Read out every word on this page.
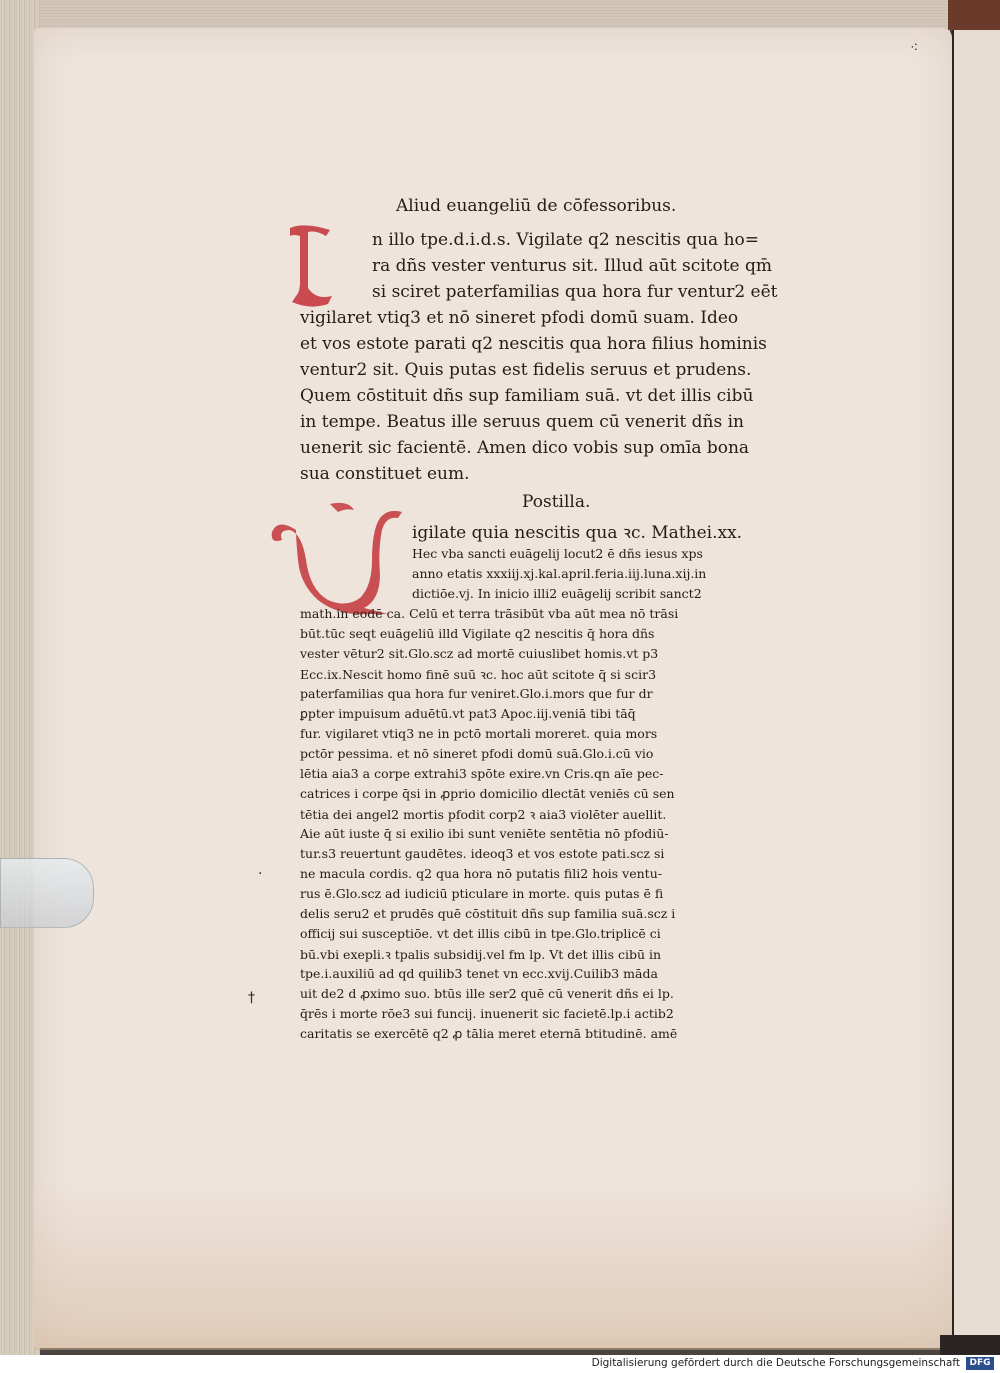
·
†
⁖
Aliud euangeliū de cōfessoribus.
n illo tpe.d.i.d.s. Vigilate q2 nescitis qua ho=
ra dñs vester venturus sit. Illud aūt scitote qm̄
si sciret paterfamilias qua hora fur ventur2 eēt
vigilaret vtiq3 et nō sineret pfodi domū suam. Ideo
et vos estote parati q2 nescitis qua hora filius hominis
ventur2 sit. Quis putas est fidelis seruus et prudens.
Quem cōstituit dñs sup familiam suā. vt det illis cibū
in tempe. Beatus ille seruus quem cū venerit dñs in
uenerit sic facientē. Amen dico vobis sup omīa bona
sua constituet eum.
Postilla.
igilate quia nescitis qua ꝛc. Mathei.xx.
Hec vba sancti euāgelij locut2 ē dñs iesus xps
anno etatis xxxiij.xj.kal.april.feria.iij.luna.xij.in
dictiōe.vj. In inicio illi2 euāgelij scribit sanct2
math.in eodē ca. Celū et terra trāsibūt vba aūt mea nō trāsi
būt.tūc seqt euāgeliū illd Vigilate q2 nescitis q̄ hora dñs
vester vētur2 sit.Glo.scz ad mortē cuiuslibet homis.vt p3
Ecc.ix.Nescit homo finē suū ꝛc. hoc aūt scitote q̄ si scir3
paterfamilias qua hora fur veniret.Glo.i.mors que fur dr
ꝑpter impuisum aduētū.vt pat3 Apoc.iij.veniā tibi tāq̄
fur. vigilaret vtiq3 ne in pctō mortali moreret. quia mors
pctōr pessima. et nō sineret pfodi domū suā.Glo.i.cū vio
lētia aia3 a corpe extrahi3 spōte exire.vn Cris.qn aīe pec-
catrices i corpe q̄si in ꝓprio domicilio dlectāt veniēs cū sen
tētia dei angel2 mortis pfodit corp2 ꝛ aia3 violēter auellit.
Aie aūt iuste q̄ si exilio ibi sunt veniēte sentētia nō pfodiū-
tur.s3 reuertunt gaudētes. ideoq3 et vos estote pati.scz si
ne macula cordis. q2 qua hora nō putatis fili2 hois ventu-
rus ē.Glo.scz ad iudiciū pticulare in morte. quis putas ē fi
delis seru2 et prudēs quē cōstituit dñs sup familia suā.scz i
officij sui susceptiōe. vt det illis cibū in tpe.Glo.triplicē ci
bū.vbi exepli.ꝛ tpalis subsidij.vel fm lp. Vt det illis cibū in
tpe.i.auxiliū ad qd quilib3 tenet vn ecc.xvij.Cuilib3 māda
uit de2 d ꝓximo suo. btūs ille ser2 quē cū venerit dñs ei lp.
q̄rēs i morte rōe3 sui funcij. inuenerit sic facietē.lp.i actib2
caritatis se exercētē q2 ꝓ tālia meret eternā btitudinē. amē
Digitalisierung gefördert durch die Deutsche Forschungsgemeinschaft	DFG
